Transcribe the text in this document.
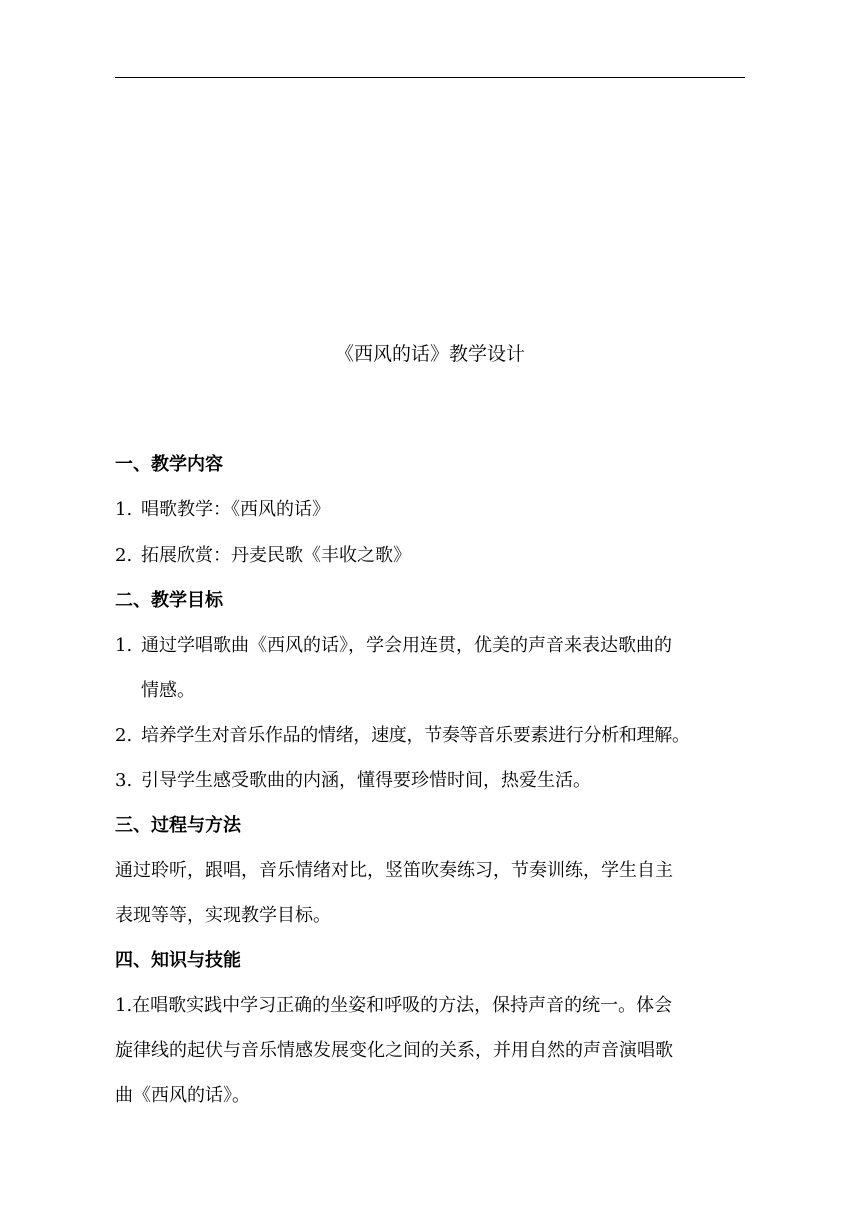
《西风的话》教学设计
一、教学内容
1. 唱歌教学：《西风的话》
2. 拓展欣赏：丹麦民歌《丰收之歌》
二、教学目标
1. 通过学唱歌曲《西风的话》，学会用连贯，优美的声音来表达歌曲的
情感。
2. 培养学生对音乐作品的情绪，速度，节奏等音乐要素进行分析和理解。
3. 引导学生感受歌曲的内涵，懂得要珍惜时间，热爱生活。
三、过程与方法
通过聆听，跟唱，音乐情绪对比，竖笛吹奏练习，节奏训练，学生自主
表现等等，实现教学目标。
四、知识与技能
1.在唱歌实践中学习正确的坐姿和呼吸的方法，保持声音的统一。体会
旋律线的起伏与音乐情感发展变化之间的关系，并用自然的声音演唱歌
曲《西风的话》。
